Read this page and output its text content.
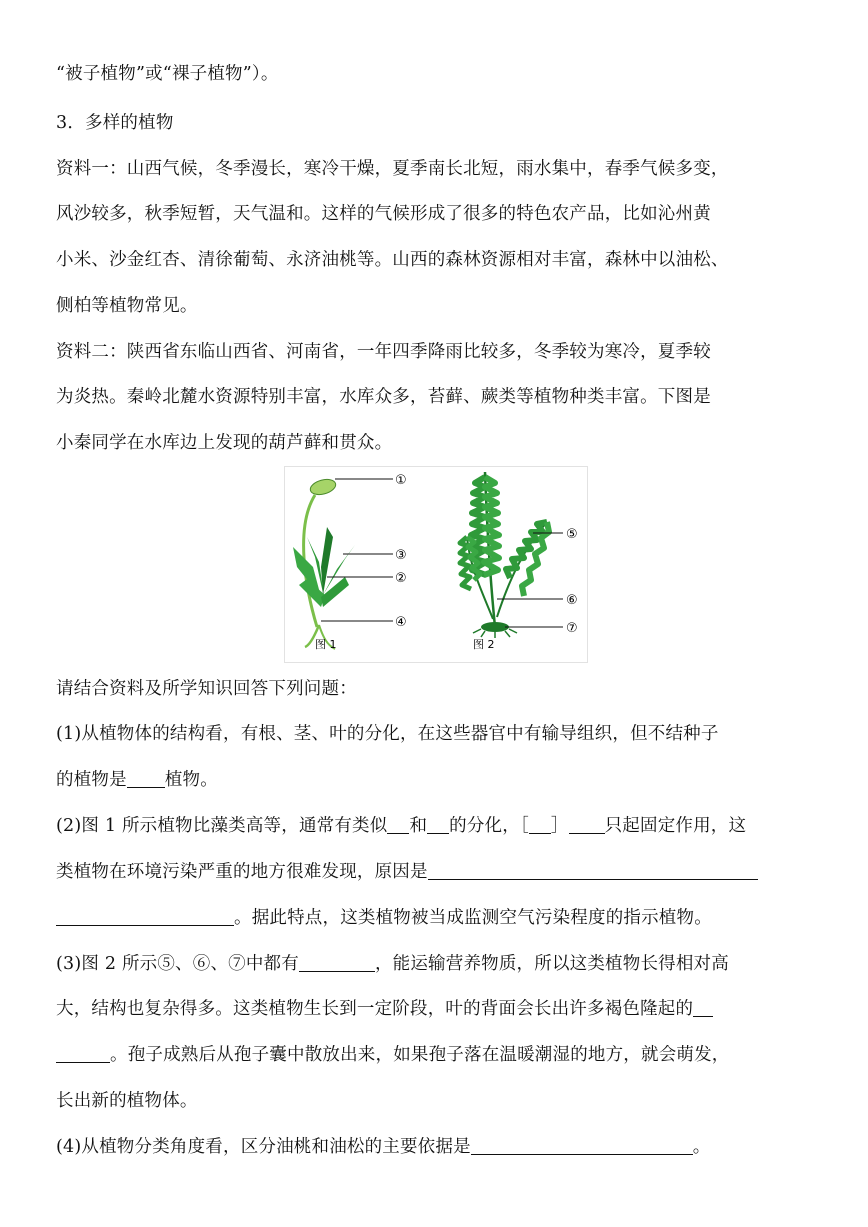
“被子植物”或“裸子植物”）。
3．多样的植物
资料一：山西气候，冬季漫长，寒冷干燥，夏季南长北短，雨水集中，春季气候多变，
风沙较多，秋季短暂，天气温和。这样的气候形成了很多的特色农产品，比如沁州黄
小米、沙金红杏、清徐葡萄、永济油桃等。山西的森林资源相对丰富，森林中以油松、
侧柏等植物常见。
资料二：陕西省东临山西省、河南省，一年四季降雨比较多，冬季较为寒冷，夏季较
为炎热。秦岭北麓水资源特别丰富，水库众多，苔藓、蕨类等植物种类丰富。下图是
小秦同学在水库边上发现的葫芦藓和贯众。
①
③
②
④
图 1
⑤
⑥
⑦
图 2
请结合资料及所学知识回答下列问题：
(1)从植物体的结构看，有根、茎、叶的分化，在这些器官中有输导组织，但不结种子
的植物是 植物。
(2)图 1 所示植物比藻类高等，通常有类似 和 的分化，［ ］ 只起固定作用，这
类植物在环境污染严重的地方很难发现，原因是
。据此特点，这类植物被当成监测空气污染程度的指示植物。
(3)图 2 所示⑤、⑥、⑦中都有	，能运输营养物质，所以这类植物长得相对高
大，结构也复杂得多。这类植物生长到一定阶段，叶的背面会长出许多褐色隆起的
。孢子成熟后从孢子囊中散放出来，如果孢子落在温暖潮湿的地方，就会萌发，
长出新的植物体。
(4)从植物分类角度看，区分油桃和油松的主要依据是	。
